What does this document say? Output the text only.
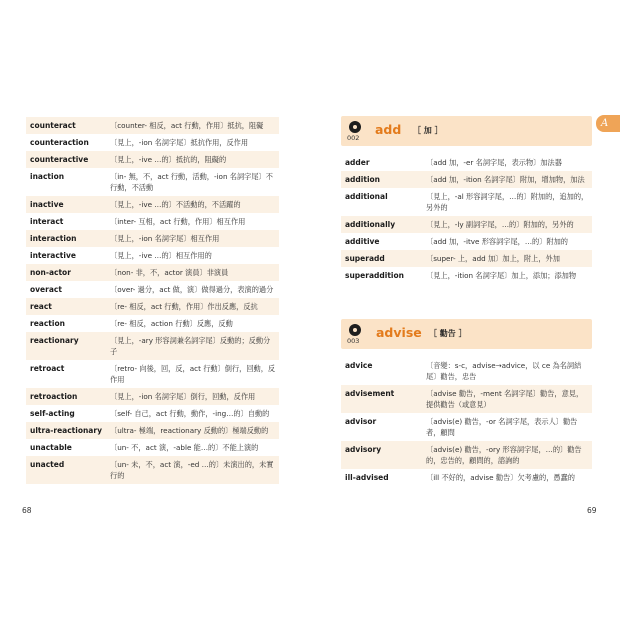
counteract	〔counter- 相反，act 行動，作用〕抵抗，阻礙
counteraction	〔見上，-ion 名詞字尾〕抵抗作用，反作用
counteractive	〔見上，-ive …的〕抵抗的，阻礙的
inaction	〔in- 無，不，act 行動，活動，-ion 名詞字尾〕不行動，不活動
inactive	〔見上，-ive …的〕不活動的，不活躍的
interact	〔inter- 互相，act 行動，作用〕相互作用
interaction	〔見上，-ion 名詞字尾〕相互作用
interactive	〔見上，-ive …的〕相互作用的
non-actor	〔non- 非，不，actor 演員〕非演員
overact	〔over- 過分，act 做，演〕做得過分，表演的過分
react	〔re- 相反，act 行動，作用〕作出反應，反抗
reaction	〔re- 相反，action 行動〕反應，反動
reactionary	〔見上，-ary 形容詞兼名詞字尾〕反動的；反動分子
retroact	〔retro- 向後，回，反，act 行動〕倒行，回動，反作用
retroaction	〔見上，-ion 名詞字尾〕倒行，回動，反作用
self-acting	〔self- 自己，act 行動，動作，-ing…的〕自動的
ultra-reactionary	〔ultra- 極端，reactionary 反動的〕極端反動的
unactable	〔un- 不，act 演，-able 能…的〕不能上演的
unacted	〔un- 未，不，act 演，-ed …的〕未演出的，未實行的
68
002
add ［ 加 ］
A
adder	〔add 加，-er 名詞字尾，表示物〕加法器
addition	〔add 加，-ition 名詞字尾〕附加，增加物，加法
additional	〔見上，-al 形容詞字尾，…的〕附加的，追加的，另外的
additionally	〔見上，-ly 副詞字尾，…的〕附加的，另外的
additive	〔add 加，-itve 形容詞字尾，…的〕附加的
superadd	〔super- 上，add 加〕加上，附上，外加
superaddition	〔見上，-ition 名詞字尾〕加上，添加；添加物
003
advise ［ 勸告 ］
advice	〔音變：s-c，advise→advice，以 ce 為名詞結尾〕勸告，忠告
advisement	〔advise 勸告，-ment 名詞字尾〕勸告，意見，提供勸告（或意見）
advisor	〔advis(e) 勸告，-or 名詞字尾，表示人〕勸告者，顧問
advisory	〔advis(e) 勸告，-ory 形容詞字尾，…的〕勸告的，忠告的，顧問的，諮詢的
ill-advised	〔ill 不好的，advise 勸告〕欠考慮的，愚蠢的
69
